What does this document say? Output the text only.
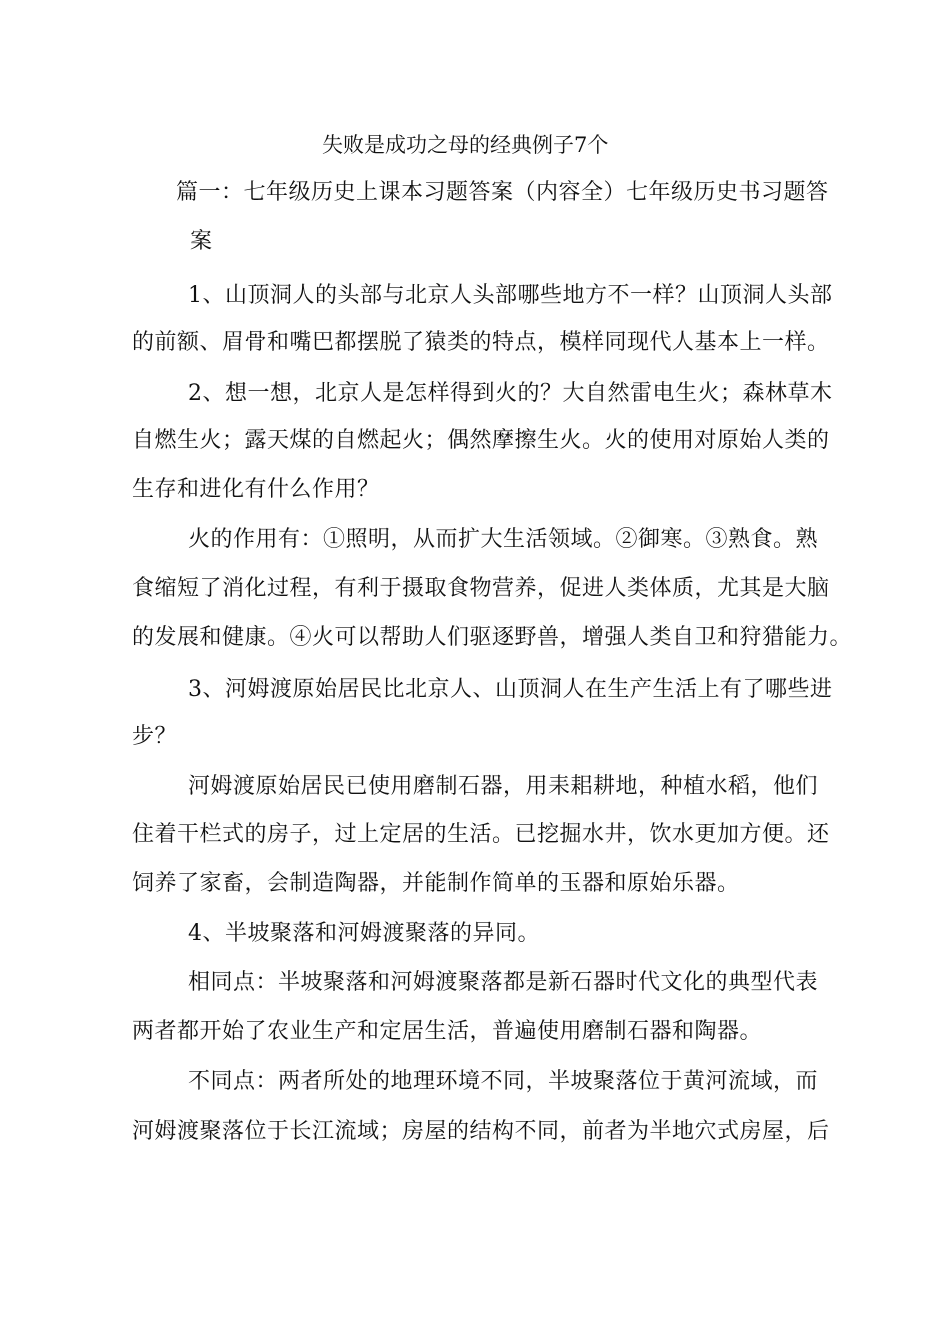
失败是成功之母的经典例子7个
篇一：七年级历史上课本习题答案（内容全）七年级历史书习题答
案
1、山顶洞人的头部与北京人头部哪些地方不一样？山顶洞人头部
的前额、眉骨和嘴巴都摆脱了猿类的特点，模样同现代人基本上一样。
2、想一想，北京人是怎样得到火的？大自然雷电生火；森林草木
自燃生火；露天煤的自燃起火；偶然摩擦生火。火的使用对原始人类的
生存和进化有什么作用？
火的作用有：①照明，从而扩大生活领域。②御寒。③熟食。熟
食缩短了消化过程，有利于摄取食物营养，促进人类体质，尤其是大脑
的发展和健康。④火可以帮助人们驱逐野兽，增强人类自卫和狩猎能力。
3、河姆渡原始居民比北京人、山顶洞人在生产生活上有了哪些进
步？
河姆渡原始居民已使用磨制石器，用耒耜耕地，种植水稻，他们
住着干栏式的房子，过上定居的生活。已挖掘水井，饮水更加方便。还
饲养了家畜，会制造陶器，并能制作简单的玉器和原始乐器。
4、半坡聚落和河姆渡聚落的异同。
相同点：半坡聚落和河姆渡聚落都是新石器时代文化的典型代表
两者都开始了农业生产和定居生活，普遍使用磨制石器和陶器。
不同点：两者所处的地理环境不同，半坡聚落位于黄河流域，而
河姆渡聚落位于长江流域；房屋的结构不同，前者为半地穴式房屋，后
